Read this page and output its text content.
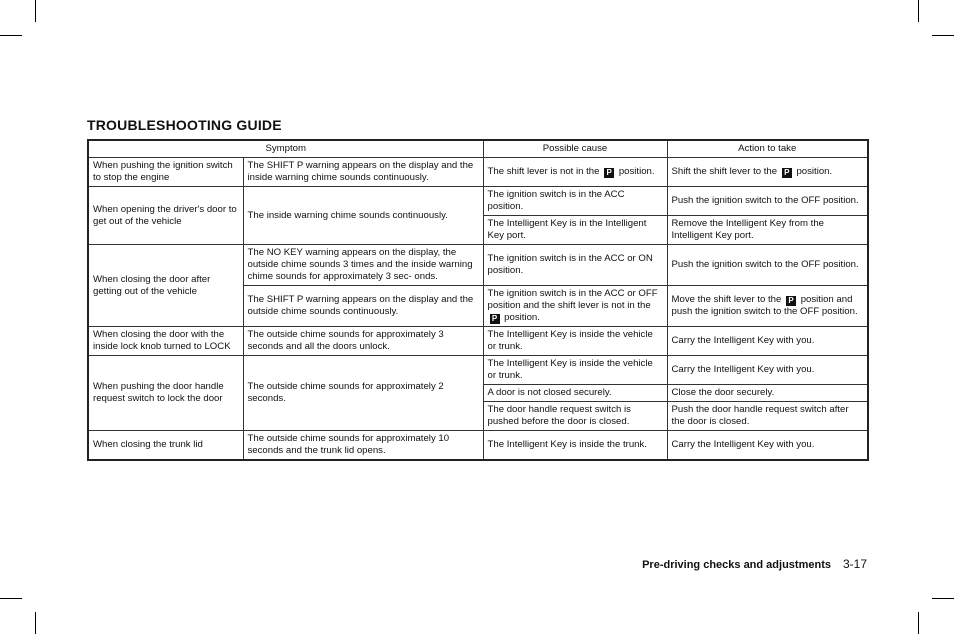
TROUBLESHOOTING GUIDE
Symptom		Possible cause	Action to take
When pushing the ignition switch to stop the engine	The SHIFT P warning appears on the display and the inside warning chime sounds continuously.	The shift lever is not in the P position.	Shift the shift lever to the P position.
When opening the driver's door to get out of the vehicle	The inside warning chime sounds continuously.	The ignition switch is in the ACC position.	Push the ignition switch to the OFF position.
		The Intelligent Key is in the Intelligent Key port.	Remove the Intelligent Key from the Intelligent Key port.
When closing the door after getting out of the vehicle	The NO KEY warning appears on the display, the outside chime sounds 3 times and the inside warning chime sounds for approximately 3 sec- onds.	The ignition switch is in the ACC or ON position.	Push the ignition switch to the OFF position.
	The SHIFT P warning appears on the display and the outside chime sounds continuously.	The ignition switch is in the ACC or OFF position and the shift lever is not in the P position.	Move the shift lever to the P position and push the ignition switch to the OFF position.
When closing the door with the inside lock knob turned to LOCK	The outside chime sounds for approximately 3 seconds and all the doors unlock.	The Intelligent Key is inside the vehicle or trunk.	Carry the Intelligent Key with you.
When pushing the door handle request switch to lock the door	The outside chime sounds for approximately 2 seconds.	The Intelligent Key is inside the vehicle or trunk.	Carry the Intelligent Key with you.
		A door is not closed securely.	Close the door securely.
		The door handle request switch is pushed before the door is closed.	Push the door handle request switch after the door is closed.
When closing the trunk lid	The outside chime sounds for approximately 10 seconds and the trunk lid opens.	The Intelligent Key is inside the trunk.	Carry the Intelligent Key with you.
Pre-driving checks and adjustments 3-17
